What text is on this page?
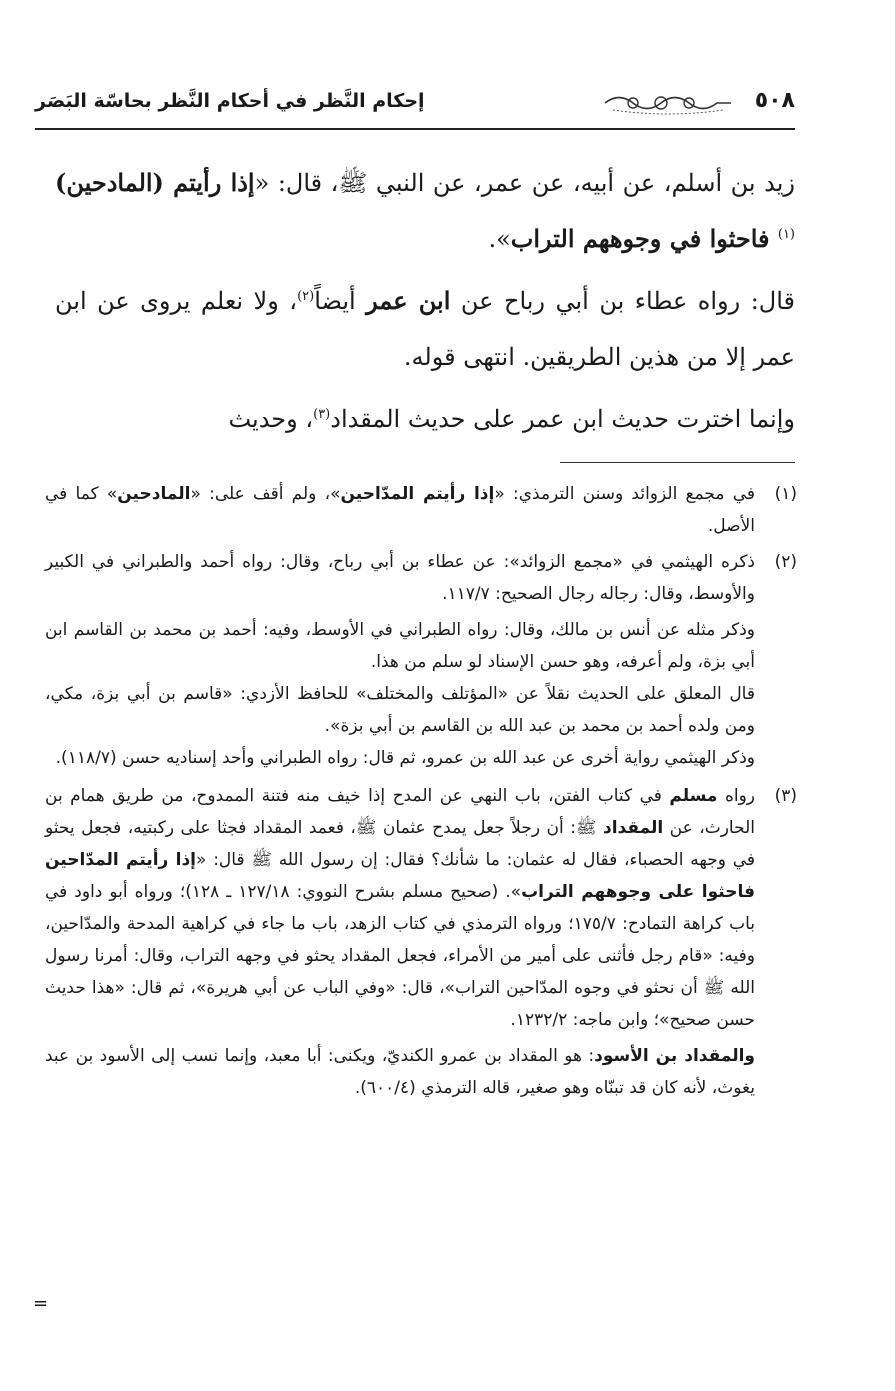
٥٠٨
إحكام النَّظر في أحكام النَّظر بحاسّة البَصَر

زيد بن أسلم، عن أبيه، عن عمر، عن النبي ﷺ، قال: «إذا رأيتم (المادحين)$^{(١)}$ فاحثوا في وجوههم التراب».

قال: رواه عطاء بن أبي رباح عن ابن عمر أيضاً$^{(٢)}$، ولا نعلم يروى عن ابن عمر إلا من هذين الطريقين. انتهى قوله.

وإنما اخترت حديث ابن عمر على حديث المقداد$^{(٣)}$، وحديث

(١)

في مجمع الزوائد وسنن الترمذي: «إذا رأيتم المدّاحين»، ولم أقف على: «المادحين» كما في الأصل.

(٢)

ذكره الهيثمي في «مجمع الزوائد»: عن عطاء بن أبي رباح، وقال: رواه أحمد والطبراني في الكبير والأوسط، وقال: رجاله رجال الصحيح: ١١٧/٧.

وذكر مثله عن أنس بن مالك، وقال: رواه الطبراني في الأوسط، وفيه: أحمد بن محمد بن القاسم ابن أبي بزة، ولم أعرفه، وهو حسن الإسناد لو سلم من هذا.

قال المعلق على الحديث نقلاً عن «المؤتلف والمختلف» للحافظ الأزدي: «قاسم بن أبي بزة، مكي، ومن ولده أحمد بن محمد بن عبد الله بن القاسم بن أبي بزة».

وذكر الهيثمي رواية أخرى عن عبد الله بن عمرو، ثم قال: رواه الطبراني وأحد إسناديه حسن (١١٨/٧).

(٣)

رواه مسلم في كتاب الفتن، باب النهي عن المدح إذا خيف منه فتنة الممدوح، من طريق همام بن الحارث، عن المقداد ﷺ: أن رجلاً جعل يمدح عثمان ﷺ، فعمد المقداد فجثا على ركبتيه، فجعل يحثو في وجهه الحصباء، فقال له عثمان: ما شأنك؟ فقال: إن رسول الله ﷺ قال: «إذا رأيتم المدّاحين فاحثوا على وجوههم التراب». (صحيح مسلم بشرح النووي: ١٢٧/١٨ ـ ١٢٨)؛ ورواه أبو داود في باب كراهة التمادح: ١٧٥/٧؛ ورواه الترمذي في كتاب الزهد، باب ما جاء في كراهية المدحة والمدّاحين، وفيه: «قام رجل فأثنى على أمير من الأمراء، فجعل المقداد يحثو في وجهه التراب، وقال: أمرنا رسول الله ﷺ أن نحثو في وجوه المدّاحين التراب»، قال: «وفي الباب عن أبي هريرة»، ثم قال: «هذا حديث حسن صحيح»؛ وابن ماجه: ١٢٣٢/٢.

والمقداد بن الأسود: هو المقداد بن عمرو الكنديّ، ويكنى: أبا معبد، وإنما نسب إلى الأسود بن عبد يغوث، لأنه كان قد تبنّاه وهو صغير، قاله الترمذي (٦٠٠/٤).

=
